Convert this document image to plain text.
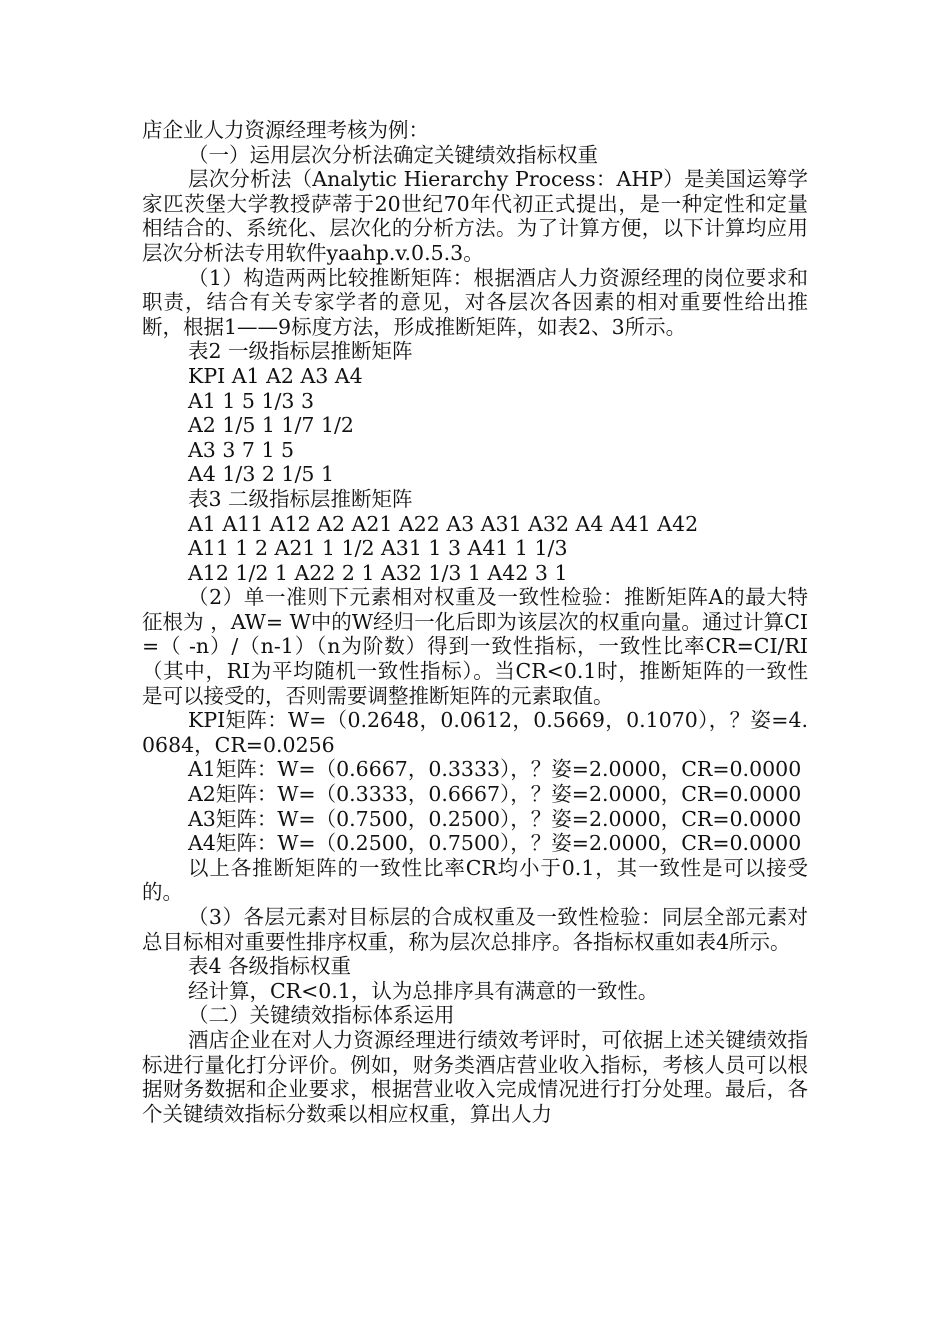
店企业人力资源经理考核为例：

（一）运用层次分析法确定关键绩效指标权重

层次分析法（Analytic Hierarchy Process：AHP）是美国运筹学家匹茨堡大学教授萨蒂于20世纪70年代初正式提出，是一种定性和定量相结合的、系统化、层次化的分析方法。为了计算方便，以下计算均应用层次分析法专用软件yaahp.v.0.5.3。

（1）构造两两比较推断矩阵：根据酒店人力资源经理的岗位要求和职责，结合有关专家学者的意见，对各层次各因素的相对重要性给出推断，根据1——9标度方法，形成推断矩阵，如表2、3所示。

表2 一级指标层推断矩阵

KPI A1 A2 A3 A4

A1 1 5 1/3 3

A2 1/5 1 1/7 1/2

A3 3 7 1 5

A4 1/3 2 1/5 1

表3 二级指标层推断矩阵

A1 A11 A12 A2 A21 A22 A3 A31 A32 A4 A41 A42

A11 1 2 A21 1 1/2 A31 1 3 A41 1 1/3

A12 1/2 1 A22 2 1 A32 1/3 1 A42 3 1

（2）单一准则下元素相对权重及一致性检验：推断矩阵A的最大特征根为 ，AW= W中的W经归一化后即为该层次的权重向量。通过计算CI=（ -n）/（n-1）（n为阶数）得到一致性指标，一致性比率CR=CI/RI（其中，RI为平均随机一致性指标）。当CR<0.1时，推断矩阵的一致性是可以接受的，否则需要调整推断矩阵的元素取值。

KPI矩阵：W=（0.2648，0.0612，0.5669，0.1070），？姿=4.0684，CR=0.0256

A1矩阵：W=（0.6667，0.3333），？姿=2.0000，CR=0.0000

A2矩阵：W=（0.3333，0.6667），？姿=2.0000，CR=0.0000

A3矩阵：W=（0.7500，0.2500），？姿=2.0000，CR=0.0000

A4矩阵：W=（0.2500，0.7500），？姿=2.0000，CR=0.0000

以上各推断矩阵的一致性比率CR均小于0.1，其一致性是可以接受的。

（3）各层元素对目标层的合成权重及一致性检验：同层全部元素对总目标相对重要性排序权重，称为层次总排序。各指标权重如表4所示。

表4 各级指标权重

经计算，CR<0.1，认为总排序具有满意的一致性。

（二）关键绩效指标体系运用

酒店企业在对人力资源经理进行绩效考评时，可依据上述关键绩效指标进行量化打分评价。例如，财务类酒店营业收入指标，考核人员可以根据财务数据和企业要求，根据营业收入完成情况进行打分处理。最后，各个关键绩效指标分数乘以相应权重，算出人力
